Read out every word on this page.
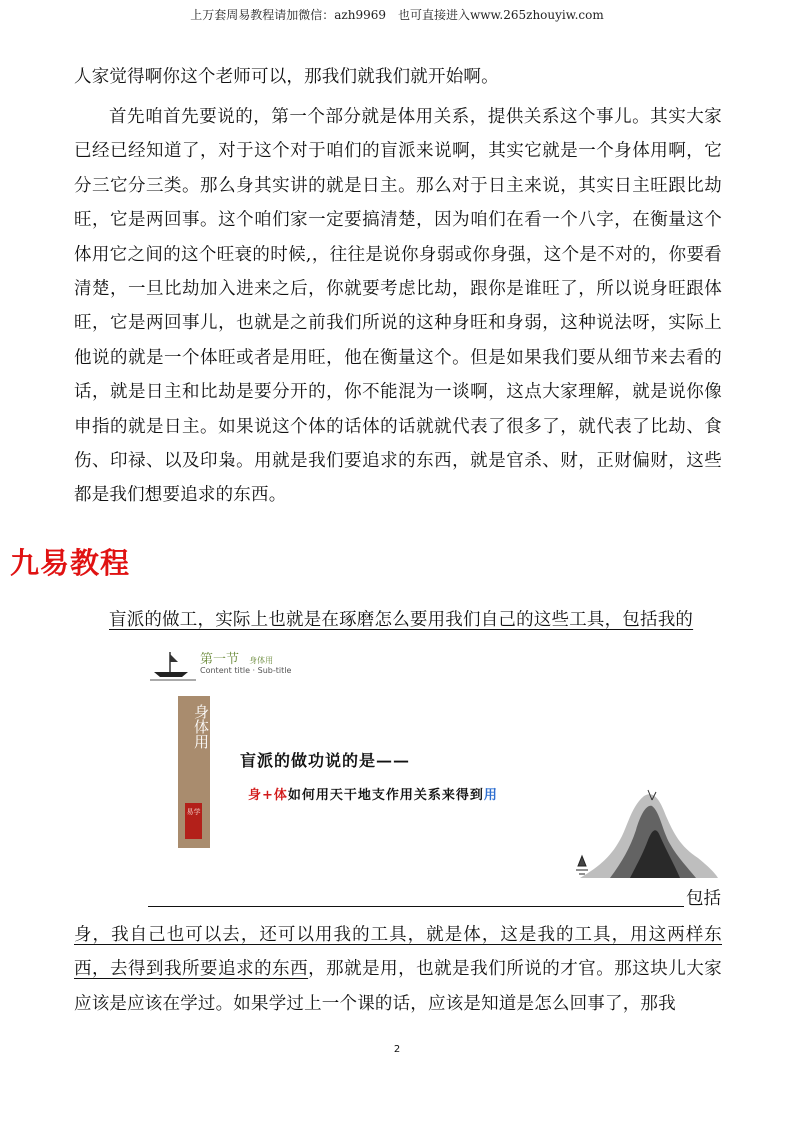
上万套周易教程请加微信：azh9969　也可直接进入www.265zhouyiw.com
人家觉得啊你这个老师可以，那我们就我们就开始啊。
首先咱首先要说的，第一个部分就是体用关系，提供关系这个事儿。其实大家已经已经知道了，对于这个对于咱们的盲派来说啊，其实它就是一个身体用啊，它分三它分三类。那么身其实讲的就是日主。那么对于日主来说，其实日主旺跟比劫旺，它是两回事。这个咱们家一定要搞清楚，因为咱们在看一个八字，在衡量这个体用它之间的这个旺衰的时候,，往往是说你身弱或你身强，这个是不对的，你要看清楚，一旦比劫加入进来之后，你就要考虑比劫，跟你是谁旺了，所以说身旺跟体旺，它是两回事儿，也就是之前我们所说的这种身旺和身弱，这种说法呀，实际上他说的就是一个体旺或者是用旺，他在衡量这个。但是如果我们要从细节来去看的话，就是日主和比劫是要分开的，你不能混为一谈啊，这点大家理解，就是说你像申指的就是日主。如果说这个体的话体的话就就代表了很多了，就代表了比劫、食伤、印禄、以及印枭。用就是我们要追求的东西，就是官杀、财，正财偏财，这些都是我们想要追求的东西。
九易教程
盲派的做工，实际上也就是在琢磨怎么要用我们自己的这些工具，包括我的
第一节 身体用
Content title · Sub-title
身体用
易学
盲派的做功说的是——
身+体如何用天干地支作用关系来得到用
包括
身，我自己也可以去，还可以用我的工具，就是体，这是我的工具，用这两样东西，去得到我所要追求的东西，那就是用，也就是我们所说的才官。那这块儿大家应该是应该在学过。如果学过上一个课的话，应该是知道是怎么回事了，那我
2
